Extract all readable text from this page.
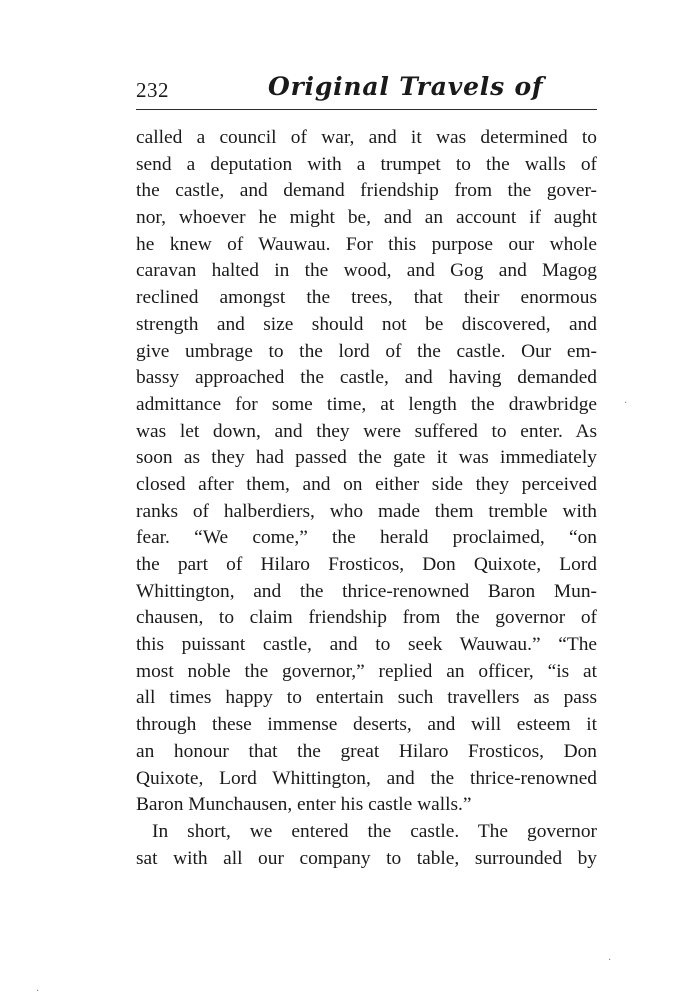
232	Original Travels of
called a council of war, and it was determined to
send a deputation with a trumpet to the walls of
the castle, and demand friendship from the gover-
nor, whoever he might be, and an account if aught
he knew of Wauwau. For this purpose our whole
caravan halted in the wood, and Gog and Magog
reclined amongst the trees, that their enormous
strength and size should not be discovered, and
give umbrage to the lord of the castle. Our em-
bassy approached the castle, and having demanded
admittance for some time, at length the drawbridge
was let down, and they were suffered to enter. As
soon as they had passed the gate it was immediately
closed after them, and on either side they perceived
ranks of halberdiers, who made them tremble with
fear. “We come,” the herald proclaimed, “on
the part of Hilaro Frosticos, Don Quixote, Lord
Whittington, and the thrice-renowned Baron Mun-
chausen, to claim friendship from the governor of
this puissant castle, and to seek Wauwau.” “The
most noble the governor,” replied an officer, “is at
all times happy to entertain such travellers as pass
through these immense deserts, and will esteem it
an honour that the great Hilaro Frosticos, Don
Quixote, Lord Whittington, and the thrice-renowned
Baron Munchausen, enter his castle walls.”
In short, we entered the castle. The governor
sat with all our company to table, surrounded by
·
·
·
